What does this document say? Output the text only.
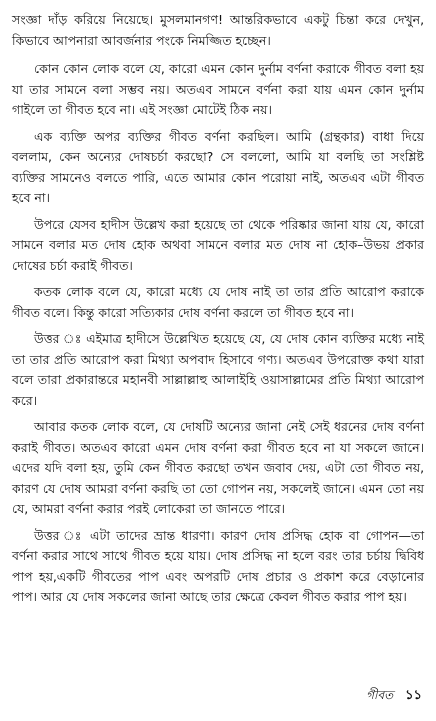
সংজ্ঞা দাঁড় করিয়ে নিয়েছে। মুসলমানগণ! আন্তরিকভাবে একটু চিন্তা করে দেখুন, কিভাবে আপনারা আবর্জনার পংকে নিমজ্জিত হচ্ছেন।

কোন কোন লোক বলে যে, কারো এমন কোন দুর্নাম বর্ণনা করাকে গীবত বলা হয় যা তার সামনে বলা সম্ভব নয়। অতএব সামনে বর্ণনা করা যায় এমন কোন দুর্নাম গাইলে তা গীবত হবে না। এই সংজ্ঞা মোটেই ঠিক নয়।

এক ব্যক্তি অপর ব্যক্তির গীবত বর্ণনা করছিল। আমি (গ্রন্থকার) বাধা দিয়ে বললাম, কেন অন্যের দোষচর্চা করছো? সে বললো, আমি যা বলছি তা সংশ্লিষ্ট ব্যক্তির সামনেও বলতে পারি, এতে আমার কোন পরোয়া নাই, অতএব এটা গীবত হবে না।

উপরে যেসব হাদীস উল্লেখ করা হয়েছে তা থেকে পরিষ্কার জানা যায় যে, কারো সামনে বলার মত দোষ হোক অথবা সামনে বলার মত দোষ না হোক–উভয় প্রকার দোষের চর্চা করাই গীবত।

কতক লোক বলে যে, কারো মধ্যে যে দোষ নাই তা তার প্রতি আরোপ করাকে গীবত বলে। কিন্তু কারো সত্যিকার দোষ বর্ণনা করলে তা গীবত হবে না।

উত্তর ঃ এইমাত্র হাদীসে উল্লেখিত হয়েছে যে, যে দোষ কোন ব্যক্তির মধ্যে নাই তা তার প্রতি আরোপ করা মিথ্যা অপবাদ হিসাবে গণ্য। অতএব উপরোক্ত কথা যারা বলে তারা প্রকারান্তরে মহানবী সাল্লাল্লাহু আলাইহি ওয়াসাল্লামের প্রতি মিথ্যা আরোপ করে।

আবার কতক লোক বলে, যে দোষটি অন্যের জানা নেই সেই ধরনের দোষ বর্ণনা করাই গীবত। অতএব কারো এমন দোষ বর্ণনা করা গীবত হবে না যা সকলে জানে। এদের যদি বলা হয়, তুমি কেন গীবত করছো তখন জবাব দেয়, এটা তো গীবত নয়, কারণ যে দোষ আমরা বর্ণনা করছি তা তো গোপন নয়, সকলেই জানে। এমন তো নয় যে, আমরা বর্ণনা করার পরই লোকেরা তা জানতে পারে।

উত্তর ঃ এটা তাদের ভ্রান্ত ধারণা। কারণ দোষ প্রসিদ্ধ হোক বা গোপন—তা বর্ণনা করার সাথে সাথে গীবত হয়ে যায়। দোষ প্রসিদ্ধ না হলে বরং তার চর্চায় দ্বিবিধ পাপ হয়,একটি গীবতের পাপ এবং অপরটি দোষ প্রচার ও প্রকাশ করে বেড়ানোর পাপ। আর যে দোষ সকলের জানা আছে তার ক্ষেত্রে কেবল গীবত করার পাপ হয়।

গীবত ১১
